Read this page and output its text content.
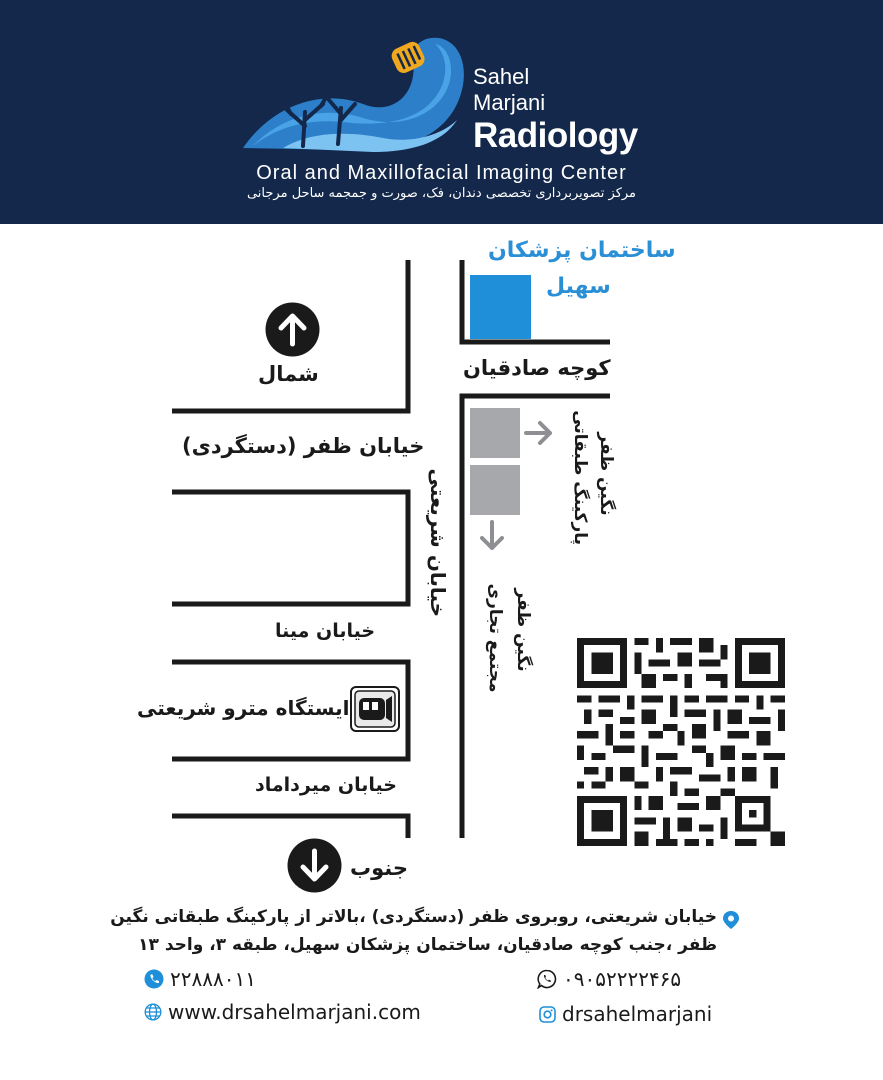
Sahel
Marjani
Radiology
Oral and Maxillofacial Imaging Center
مرکز تصویربرداری تخصصی دندان، فک، صورت و جمجمه ساحل مرجانی
شمال
جنوب
ساختمان پزشکان
سهیل
کوچه صادقیان
خیابان ظفر (دستگردی)
خیابان مینا
ایستگاه مترو شریعتی
خیابان میرداماد
خیابان شریعتی	پارکینگ طبقاتی نگین ظفر
مجتمع تجاری نگین ظفر
خیابان شریعتی، روبروی ظفر (دستگردی) ،بالاتر از پارکینگ طبقاتی نگین
ظفر ،جنب کوچه صادقیان، ساختمان پزشکان سهیل، طبقه ۳، واحد ۱۳
۲۲۸۸۸۰۱۱	۰۹۰۵۲۲۲۲۴۶۵
www.drsahelmarjani.com	drsahelmarjani
